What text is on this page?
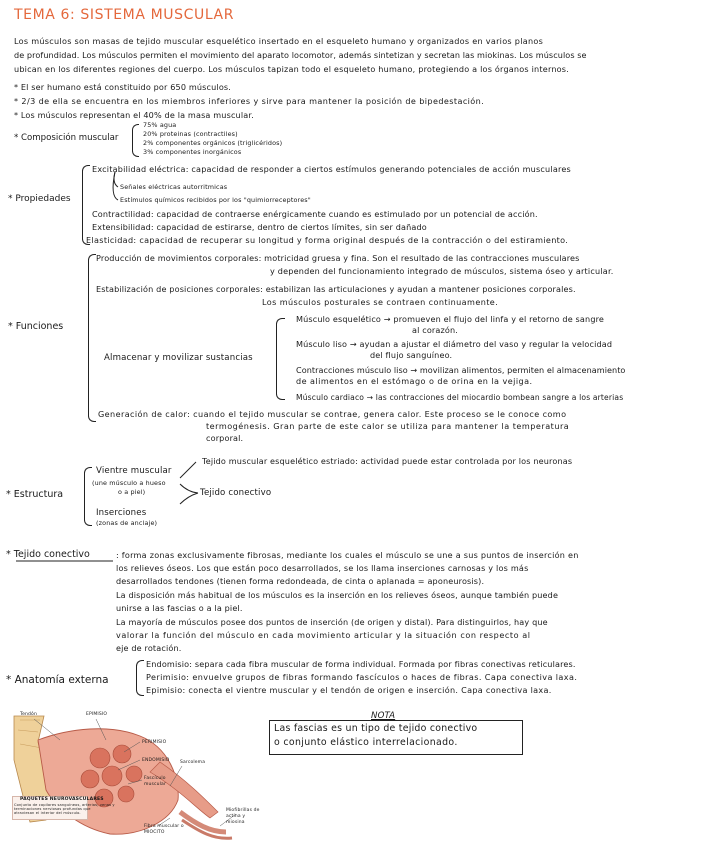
TEMA 6: SISTEMA MUSCULAR
Los músculos son masas de tejido muscular esquelético insertado en el esqueleto humano y organizados en varios planos
de profundidad. Los músculos permiten el movimiento del aparato locomotor, además sintetizan y secretan las miokinas. Los músculos se
ubican en los diferentes regiones del cuerpo. Los músculos tapizan todo el esqueleto humano, protegiendo a los órganos internos.
* El ser humano está constituido por 650 músculos.
* 2/3 de ella se encuentra en los miembros inferiores y sirve para mantener la posición de bipedestación.
* Los músculos representan el 40% de la masa muscular.
* Composición muscular
75% agua
20% proteinas (contractiles)
2% componentes orgánicos (triglicéridos)
3% componentes inorgánicos
* Propiedades
Excitabilidad eléctrica: capacidad de responder a ciertos estímulos generando potenciales de acción musculares
Señales eléctricas autorritmicas
Estímulos químicos recibidos por los "quimiorreceptores"
Contractilidad: capacidad de contraerse enérgicamente cuando es estimulado por un potencial de acción.
Extensibilidad: capacidad de estirarse, dentro de ciertos límites, sin ser dañado
Elasticidad: capacidad de recuperar su longitud y forma original después de la contracción o del estiramiento.
* Funciones
Producción de movimientos corporales: motricidad gruesa y fina. Son el resultado de las contracciones musculares
y dependen del funcionamiento integrado de músculos, sistema óseo y articular.
Estabilización de posiciones corporales: estabilizan las articulaciones y ayudan a mantener posiciones corporales.
Los músculos posturales se contraen continuamente.
Almacenar y movilizar sustancias
Músculo esquelético → promueven el flujo del linfa y el retorno de sangre
al corazón.
Músculo liso → ayudan a ajustar el diámetro del vaso y regular la velocidad
del flujo sanguíneo.
Contracciones músculo liso → movilizan alimentos, permiten el almacenamiento
de alimentos en el estómago o de orina en la vejiga.
Músculo cardiaco → las contracciones del miocardio bombean sangre a los arterias
Generación de calor: cuando el tejido muscular se contrae, genera calor. Este proceso se le conoce como
termogénesis. Gran parte de este calor se utiliza para mantener la temperatura
corporal.
* Estructura
Vientre muscular
(une músculo a hueso
o a piel)
Inserciones
(zonas de anclaje)
Tejido muscular esquelético estriado: actividad puede estar controlada por los neuronas
Tejido conectivo
* Tejido conectivo	: forma zonas exclusivamente fibrosas, mediante los cuales el músculo se une a sus puntos de inserción en
los relieves óseos. Los que están poco desarrollados, se los llama inserciones carnosas y los más
desarrollados tendones (tienen forma redondeada, de cinta o aplanada = aponeurosis).
La disposición más habitual de los músculos es la inserción en los relieves óseos, aunque también puede
unirse a las fascias o a la piel.
La mayoría de músculos posee dos puntos de inserción (de origen y distal). Para distinguirlos, hay que
valorar la función del músculo en cada movimiento articular y la situación con respecto al
eje de rotación.
* Anatomía externa
Endomisio: separa cada fibra muscular de forma individual. Formada por fibras conectivas reticulares.
Perimisio: envuelve grupos de fibras formando fascículos o haces de fibras. Capa conectiva laxa.
Epimisio: conecta el vientre muscular y el tendón de origen e inserción. Capa conectiva laxa.
NOTA
Las fascias es un tipo de tejido conectivo
o conjunto elástico interrelacionado.
Tendón	EPIMISIO
PERIMISIO
ENDOMISIO
Fascículo muscular
Sarcolema
Fibra muscular o MIOCITO
Miofibrillas de actina y miosina
PAQUETES NEUROVASCULARES
Conjunto de capilares sanguíneos, arterias, venas y
terminaciones nerviosas profundas que
atraviesan el interior del músculo.
